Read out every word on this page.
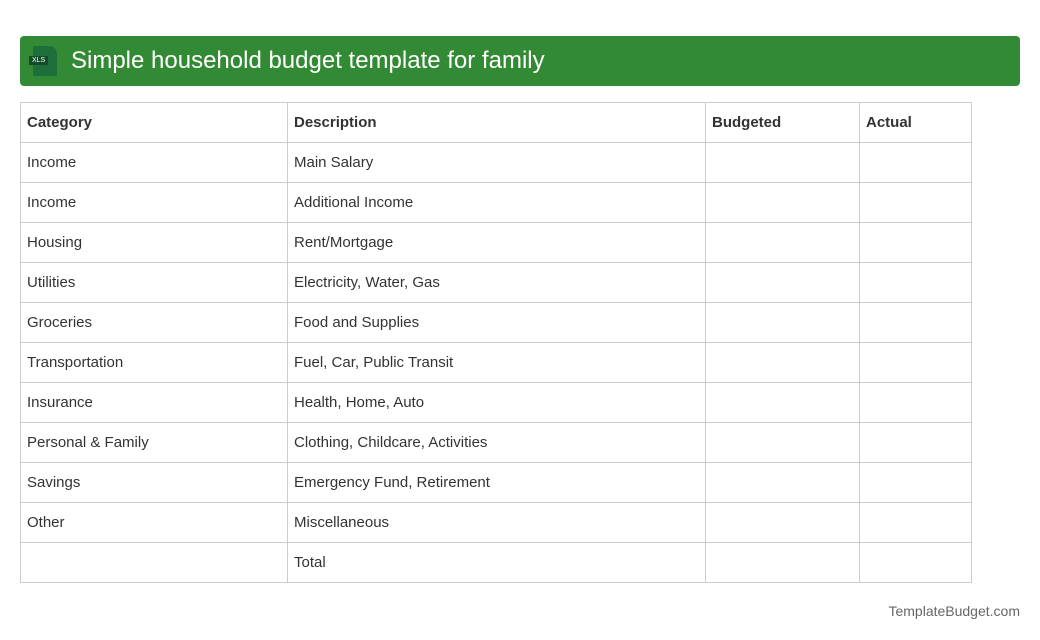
XLS Simple household budget template for family
Category	Description	Budgeted	Actual
Income	Main Salary		
Income	Additional Income		
Housing	Rent/Mortgage		
Utilities	Electricity, Water, Gas		
Groceries	Food and Supplies		
Transportation	Fuel, Car, Public Transit		
Insurance	Health, Home, Auto		
Personal & Family	Clothing, Childcare, Activities		
Savings	Emergency Fund, Retirement		
Other	Miscellaneous		
	Total		
TemplateBudget.com
